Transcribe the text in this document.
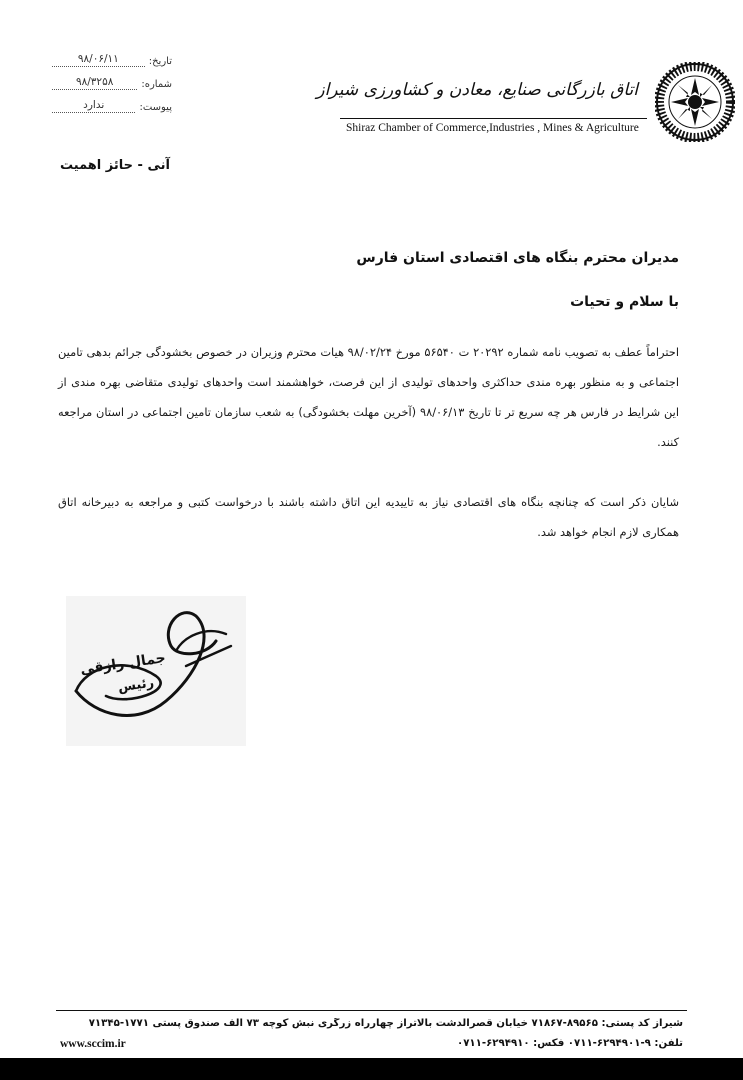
تاریخ:
۹۸/۰۶/۱۱
شماره:
۹۸/۳۲۵۸
پیوست:
ندارد
اتاق بازرگانی صنایع، معادن و کشاورزی شیراز
Shiraz Chamber of Commerce,Industries , Mines & Agriculture
آنی - حائز اهمیت
مدیران محترم بنگاه های اقتصادی استان فارس
با سلام و تحیات
احتراماً عطف به تصویب نامه شماره ۲۰۲۹۲ ت ۵۶۵۴۰ مورخ ۹۸/۰۲/۲۴ هیات محترم وزیران در خصوص بخشودگی جرائم بدهی تامین اجتماعی و به منظور بهره مندی حداکثری واحدهای تولیدی از این فرصت، خواهشمند است واحدهای تولیدی متقاضی بهره مندی از این شرایط در فارس هر چه سریع تر تا تاریخ ۹۸/۰۶/۱۳ (آخرین مهلت بخشودگی) به شعب سازمان تامین اجتماعی در استان مراجعه کنند.
شایان ذکر است که چنانچه بنگاه های اقتصادی نیاز به تاییدیه این اتاق داشته باشند با درخواست کتبی و مراجعه به دبیرخانه اتاق همکاری لازم انجام خواهد شد.
جمال رازقی
رئیس
شیراز کد پستی: ۸۹۵۶۵-۷۱۸۶۷ خیابان قصرالدشت بالاتراز چهارراه زرگری نبش کوچه ۷۳ الف صندوق پستی ۱۷۷۱-۷۱۳۴۵
تلفن: ۹-۶۲۹۴۹۰۱-۰۷۱۱ فکس: ۶۲۹۴۹۱۰-۰۷۱۱
www.sccim.ir
